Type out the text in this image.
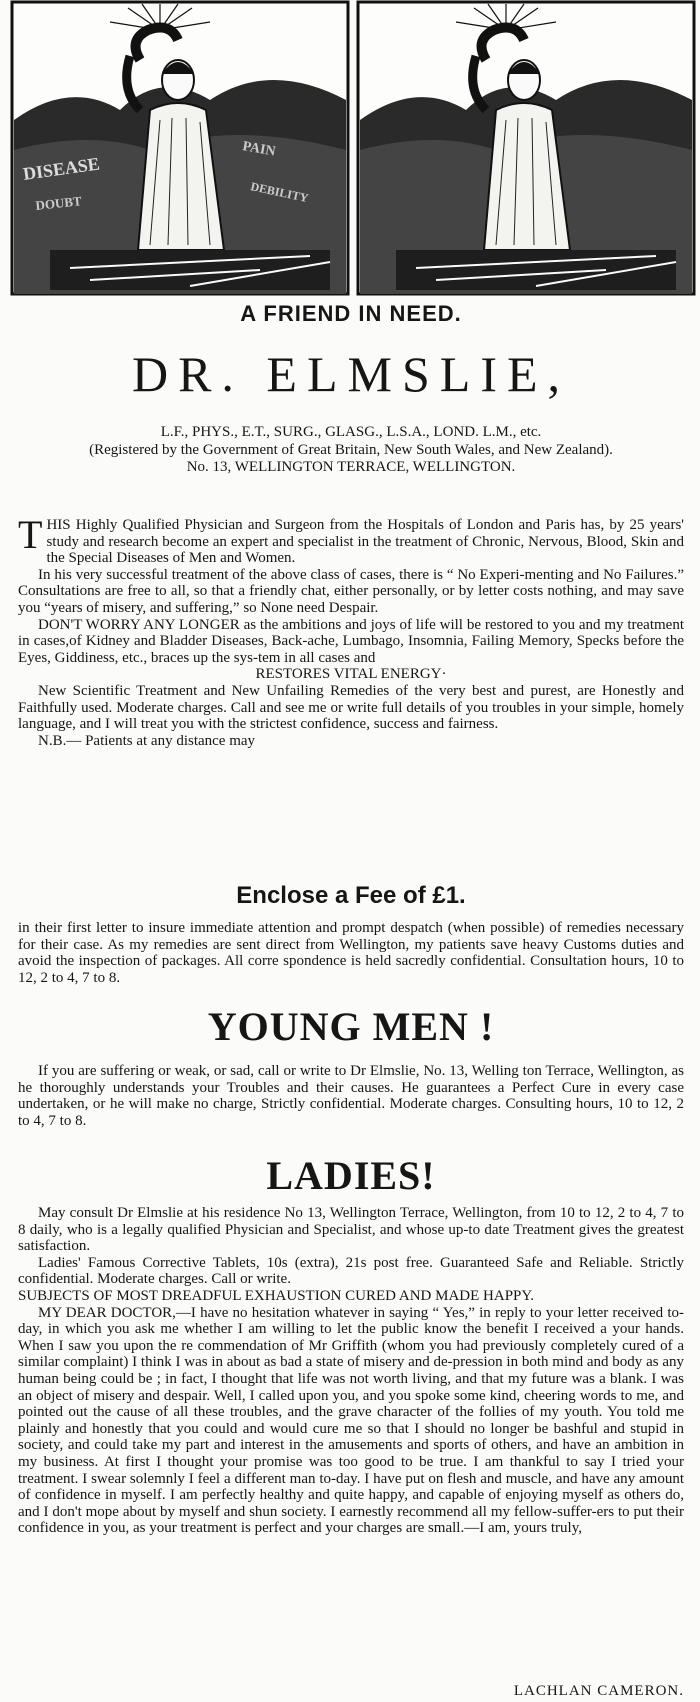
DISEASE
DOUBT
PAIN
DEBILITY
A FRIEND IN NEED.
DR. ELMSLIE,
L.F., PHYS., E.T., SURG., GLASG., L.S.A., LOND. L.M., etc.
(Registered by the Government of Great Britain, New South Wales, and New Zealand).
No. 13, WELLINGTON TERRACE, WELLINGTON.

THIS Highly Qualified Physician and Surgeon from the Hospitals of London and Paris has, by 25 years' study and research become an expert and specialist in the treatment of Chronic, Nervous, Blood, Skin and the Special Diseases of Men and Women.

In his very successful treatment of the above class of cases, there is “ No Experi-menting and No Failures.” Consultations are free to all, so that a friendly chat, either personally, or by letter costs nothing, and may save you “years of misery, and suffering,” so None need Despair.

DON'T WORRY ANY LONGER as the ambitions and joys of life will be restored to you and my treatment in cases,of Kidney and Bladder Diseases, Back-ache, Lumbago, Insomnia, Failing Memory, Specks before the Eyes, Giddiness, etc., braces up the sys-tem in all cases and

RESTORES VITAL ENERGY·

New Scientific Treatment and New Unfailing Remedies of the very best and purest, are Honestly and Faithfully used. Moderate charges. Call and see me or write full details of you troubles in your simple, homely language, and I will treat you with the strictest confidence, success and fairness.

N.B.— Patients at any distance may

Enclose a Fee of £1.

in their first letter to insure immediate attention and prompt despatch (when possible) of remedies necessary for their case. As my remedies are sent direct from Wellington, my patients save heavy Customs duties and avoid the inspection of packages. All corre spondence is held sacredly confidential. Consultation hours, 10 to 12, 2 to 4, 7 to 8.

YOUNG MEN !

If you are suffering or weak, or sad, call or write to Dr Elmslie, No. 13, Welling ton Terrace, Wellington, as he thoroughly understands your Troubles and their causes. He guarantees a Perfect Cure in every case undertaken, or he will make no charge, Strictly confidential. Moderate charges. Consulting hours, 10 to 12, 2 to 4, 7 to 8.

LADIES!

May consult Dr Elmslie at his residence No 13, Wellington Terrace, Wellington, from 10 to 12, 2 to 4, 7 to 8 daily, who is a legally qualified Physician and Specialist, and whose up-to date Treatment gives the greatest satisfaction.

Ladies' Famous Corrective Tablets, 10s (extra), 21s post free. Guaranteed Safe and Reliable. Strictly confidential. Moderate charges. Call or write.

SUBJECTS OF MOST DREADFUL EXHAUSTION CURED AND MADE HAPPY.

MY DEAR DOCTOR,—I have no hesitation whatever in saying “ Yes,” in reply to your letter received to-day, in which you ask me whether I am willing to let the public know the benefit I received a your hands. When I saw you upon the re commendation of Mr Griffith (whom you had previously completely cured of a similar complaint) I think I was in about as bad a state of misery and de-pression in both mind and body as any human being could be ; in fact, I thought that life was not worth living, and that my future was a blank. I was an object of misery and despair. Well, I called upon you, and you spoke some kind, cheering words to me, and pointed out the cause of all these troubles, and the grave character of the follies of my youth. You told me plainly and honestly that you could and would cure me so that I should no longer be bashful and stupid in society, and could take my part and interest in the amusements and sports of others, and have an ambition in my business. At first I thought your promise was too good to be true. I am thankful to say I tried your treatment. I swear solemnly I feel a different man to-day. I have put on flesh and muscle, and have any amount of confidence in myself. I am perfectly healthy and quite happy, and capable of enjoying myself as others do, and I don't mope about by myself and shun society. I earnestly recommend all my fellow-suffer-ers to put their confidence in you, as your treatment is perfect and your charges are small.—I am, yours truly,

LACHLAN CAMERON.
